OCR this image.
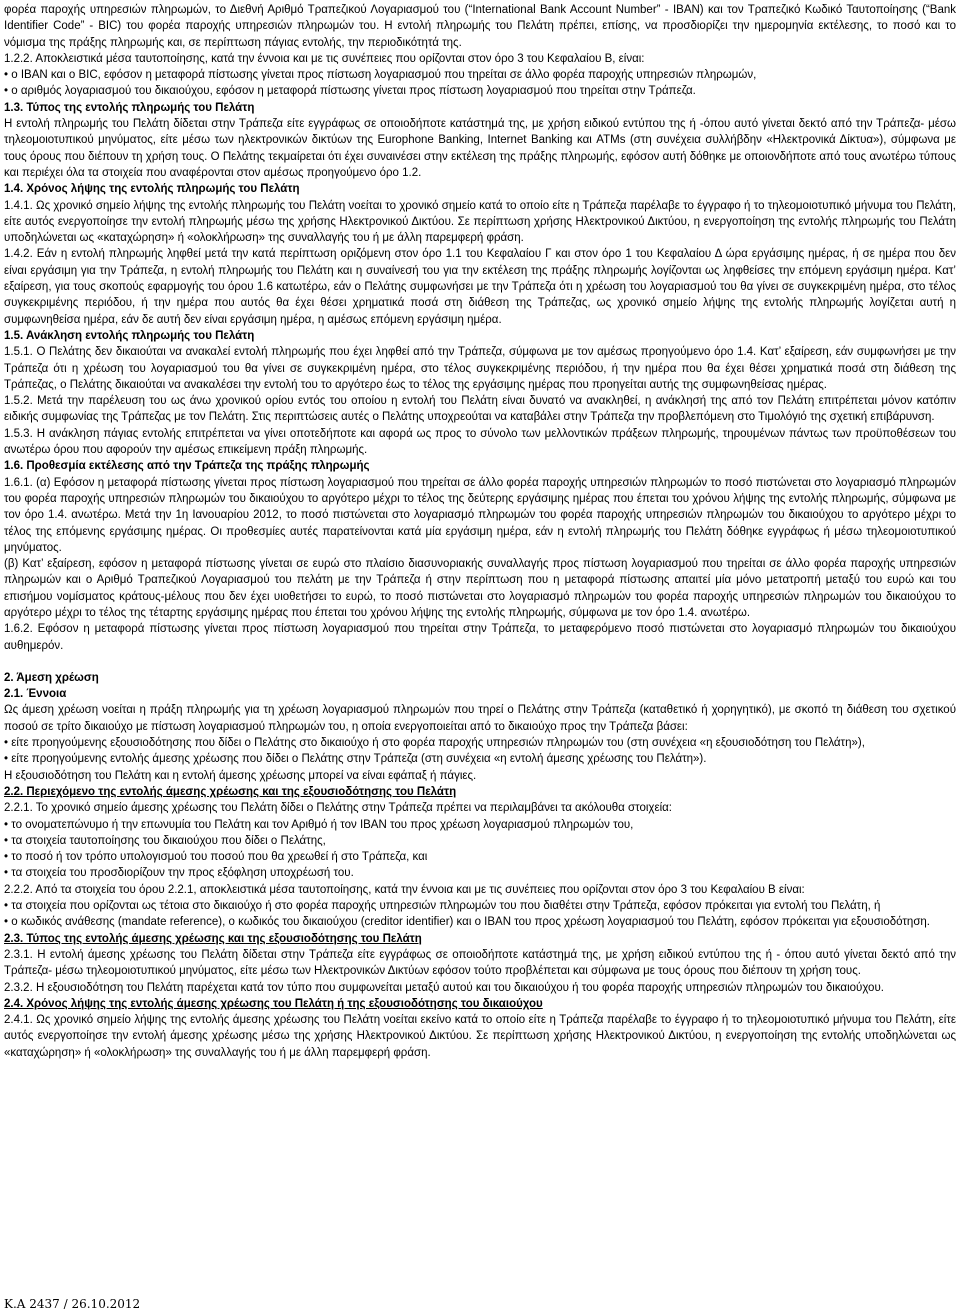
φορέα παροχής υπηρεσιών πληρωμών, το Διεθνή Αριθμό Τραπεζικού Λογαριασμού του (“International Bank Account Number” - IBAN) και τον Τραπεζικό Κωδικό Ταυτοποίησης (“Bank Identifier Code” - BIC) του φορέα παροχής υπηρεσιών πληρωμών του. Η εντολή πληρωμής του Πελάτη πρέπει, επίσης, να προσδιορίζει την ημερομηνία εκτέλεσης, το ποσό και το νόμισμα της πράξης πληρωμής και, σε περίπτωση πάγιας εντολής, την περιοδικότητά της.

1.2.2. Αποκλειστικά μέσα ταυτοποίησης, κατά την έννοια και με τις συνέπειες που ορίζονται στον όρο 3 του Κεφαλαίου Β, είναι:

• ο IBAN και ο BIC, εφόσον η μεταφορά πίστωσης γίνεται προς πίστωση λογαριασμού που τηρείται σε άλλο φορέα παροχής υπηρεσιών πληρωμών,

• ο αριθμός λογαριασμού του δικαιούχου, εφόσον η μεταφορά πίστωσης γίνεται προς πίστωση λογαριασμού που τηρείται στην Τράπεζα.

1.3. Τύπος της εντολής πληρωμής του Πελάτη

Η εντολή πληρωμής του Πελάτη δίδεται στην Τράπεζα είτε εγγράφως σε οποιοδήποτε κατάστημά της, με χρήση ειδικού εντύπου της ή -όπου αυτό γίνεται δεκτό από την Τράπεζα- μέσω τηλεομοιοτυπικού μηνύματος, είτε μέσω των ηλεκτρονικών δικτύων της Europhone Banking, Internet Banking και ATMs (στη συνέχεια συλλήβδην «Ηλεκτρονικά Δίκτυα»), σύμφωνα με τους όρους που διέπουν τη χρήση τους. Ο Πελάτης τεκμαίρεται ότι έχει συναινέσει στην εκτέλεση της πράξης πληρωμής, εφόσον αυτή δόθηκε με οποιονδήποτε από τους ανωτέρω τύπους και περιέχει όλα τα στοιχεία που αναφέρονται στον αμέσως προηγούμενο όρο 1.2.

1.4. Χρόνος λήψης της εντολής πληρωμής του Πελάτη

1.4.1. Ως χρονικό σημείο λήψης της εντολής πληρωμής του Πελάτη νοείται το χρονικό σημείο κατά το οποίο είτε η Τράπεζα παρέλαβε το έγγραφο ή το τηλεομοιοτυπικό μήνυμα του Πελάτη, είτε αυτός ενεργοποίησε την εντολή πληρωμής μέσω της χρήσης Ηλεκτρονικού Δικτύου. Σε περίπτωση χρήσης Ηλεκτρονικού Δικτύου, η ενεργοποίηση της εντολής πληρωμής του Πελάτη υποδηλώνεται ως «καταχώρηση» ή «ολοκλήρωση» της συναλλαγής του ή με άλλη παρεμφερή φράση.

1.4.2. Εάν η εντολή πληρωμής ληφθεί μετά την κατά περίπτωση οριζόμενη στον όρο 1.1 του Κεφαλαίου Γ και στον όρο 1 του Κεφαλαίου Δ ώρα εργάσιμης ημέρας, ή σε ημέρα που δεν είναι εργάσιμη για την Τράπεζα, η εντολή πληρωμής του Πελάτη και η συναίνεσή του για την εκτέλεση της πράξης πληρωμής λογίζονται ως ληφθείσες την επόμενη εργάσιμη ημέρα. Κατ’ εξαίρεση, για τους σκοπούς εφαρμογής του όρου 1.6 κατωτέρω, εάν ο Πελάτης συμφωνήσει με την Τράπεζα ότι η χρέωση του λογαριασμού του θα γίνει σε συγκεκριμένη ημέρα, στο τέλος συγκεκριμένης περιόδου, ή την ημέρα που αυτός θα έχει θέσει χρηματικά ποσά στη διάθεση της Τράπεζας, ως χρονικό σημείο λήψης της εντολής πληρωμής λογίζεται αυτή η συμφωνηθείσα ημέρα, εάν δε αυτή δεν είναι εργάσιμη ημέρα, η αμέσως επόμενη εργάσιμη ημέρα.

1.5. Ανάκληση εντολής πληρωμής του Πελάτη

1.5.1. Ο Πελάτης δεν δικαιούται να ανακαλεί εντολή πληρωμής που έχει ληφθεί από την Τράπεζα, σύμφωνα με τον αμέσως προηγούμενο όρο 1.4. Κατ’ εξαίρεση, εάν συμφωνήσει με την Τράπεζα ότι η χρέωση του λογαριασμού του θα γίνει σε συγκεκριμένη ημέρα, στο τέλος συγκεκριμένης περιόδου, ή την ημέρα που θα έχει θέσει χρηματικά ποσά στη διάθεση της Τράπεζας, ο Πελάτης δικαιούται να ανακαλέσει την εντολή του το αργότερο έως το τέλος της εργάσιμης ημέρας που προηγείται αυτής της συμφωνηθείσας ημέρας.

1.5.2. Μετά την παρέλευση του ως άνω χρονικού ορίου εντός του οποίου η εντολή του Πελάτη είναι δυνατό να ανακληθεί, η ανάκλησή της από τον Πελάτη επιτρέπεται μόνον κατόπιν ειδικής συμφωνίας της Τράπεζας με τον Πελάτη. Στις περιπτώσεις αυτές ο Πελάτης υποχρεούται να καταβάλει στην Τράπεζα την προβλεπόμενη στο Τιμολόγιό της σχετική επιβάρυνση.

1.5.3. Η ανάκληση πάγιας εντολής επιτρέπεται να γίνει οποτεδήποτε και αφορά ως προς το σύνολο των μελλοντικών πράξεων πληρωμής, τηρουμένων πάντως των προϋποθέσεων του ανωτέρω όρου που αφορούν την αμέσως επικείμενη πράξη πληρωμής.

1.6. Προθεσμία εκτέλεσης από την Τράπεζα της πράξης πληρωμής

1.6.1. (α) Εφόσον η μεταφορά πίστωσης γίνεται προς πίστωση λογαριασμού που τηρείται σε άλλο φορέα παροχής υπηρεσιών πληρωμών το ποσό πιστώνεται στο λογαριασμό πληρωμών του φορέα παροχής υπηρεσιών πληρωμών του δικαιούχου το αργότερο μέχρι το τέλος της δεύτερης εργάσιμης ημέρας που έπεται του χρόνου λήψης της εντολής πληρωμής, σύμφωνα με τον όρο 1.4. ανωτέρω. Μετά την 1η Ιανουαρίου 2012, το ποσό πιστώνεται στο λογαριασμό πληρωμών του φορέα παροχής υπηρεσιών πληρωμών του δικαιούχου το αργότερο μέχρι το τέλος της επόμενης εργάσιμης ημέρας. Οι προθεσμίες αυτές παρατείνονται κατά μία εργάσιμη ημέρα, εάν η εντολή πληρωμής του Πελάτη δόθηκε εγγράφως ή μέσω τηλεομοιοτυπικού μηνύματος.

(β) Κατ’ εξαίρεση, εφόσον η μεταφορά πίστωσης γίνεται σε ευρώ στο πλαίσιο διασυνοριακής συναλλαγής προς πίστωση λογαριασμού που τηρείται σε άλλο φορέα παροχής υπηρεσιών πληρωμών και ο Αριθμό Τραπεζικού Λογαριασμού του πελάτη με την Τράπεζα ή στην περίπτωση που η μεταφορά πίστωσης απαιτεί μία μόνο μετατροπή μεταξύ του ευρώ και του επισήμου νομίσματος κράτους-μέλους που δεν έχει υιοθετήσει το ευρώ, το ποσό πιστώνεται στο λογαριασμό πληρωμών του φορέα παροχής υπηρεσιών πληρωμών του δικαιούχου το αργότερο μέχρι το τέλος της τέταρτης εργάσιμης ημέρας που έπεται του χρόνου λήψης της εντολής πληρωμής, σύμφωνα με τον όρο 1.4. ανωτέρω.

1.6.2. Εφόσον η μεταφορά πίστωσης γίνεται προς πίστωση λογαριασμού που τηρείται στην Τράπεζα, το μεταφερόμενο ποσό πιστώνεται στο λογαριασμό πληρωμών του δικαιούχου αυθημερόν.

2. Άμεση χρέωση

2.1. Έννοια

Ως άμεση χρέωση νοείται η πράξη πληρωμής για τη χρέωση λογαριασμού πληρωμών που τηρεί ο Πελάτης στην Τράπεζα (καταθετικό ή χορηγητικό), με σκοπό τη διάθεση του σχετικού ποσού σε τρίτο δικαιούχο με πίστωση λογαριασμού πληρωμών του, η οποία ενεργοποιείται από το δικαιούχο προς την Τράπεζα βάσει:

• είτε προηγούμενης εξουσιοδότησης που δίδει ο Πελάτης στο δικαιούχο ή στο φορέα παροχής υπηρεσιών πληρωμών του (στη συνέχεια «η εξουσιοδότηση του Πελάτη»),

• είτε προηγούμενης εντολής άμεσης χρέωσης που δίδει ο Πελάτης στην Τράπεζα (στη συνέχεια «η εντολή άμεσης χρέωσης του Πελάτη»).

Η εξουσιοδότηση του Πελάτη και η εντολή άμεσης χρέωσης μπορεί να είναι εφάπαξ ή πάγιες.

2.2. Περιεχόμενο της εντολής άμεσης χρέωσης και της εξουσιοδότησης του Πελάτη

2.2.1. Το χρονικό σημείο άμεσης χρέωσης του Πελάτη δίδει ο Πελάτης στην Τράπεζα πρέπει να περιλαμβάνει τα ακόλουθα στοιχεία:

• το ονοματεπώνυμο ή την επωνυμία του Πελάτη και τον Αριθμό ή τον IBAN του προς χρέωση λογαριασμού πληρωμών του,

• τα στοιχεία ταυτοποίησης του δικαιούχου που δίδει ο Πελάτης,

• το ποσό ή τον τρόπο υπολογισμού του ποσού που θα χρεωθεί ή στο Τράπεζα, και

• τα στοιχεία του προσδιορίζουν την προς εξόφληση υποχρέωσή του.

2.2.2. Από τα στοιχεία του όρου 2.2.1, αποκλειστικά μέσα ταυτοποίησης, κατά την έννοια και με τις συνέπειες που ορίζονται στον όρο 3 του Κεφαλαίου Β είναι:

• τα στοιχεία που ορίζονται ως τέτοια στο δικαιούχο ή στο φορέα παροχής υπηρεσιών πληρωμών του που διαθέτει στην Τράπεζα, εφόσον πρόκειται για εντολή του Πελάτη, ή

• ο κωδικός ανάθεσης (mandate reference), ο κωδικός του δικαιούχου (creditor identifier) και ο IBAN του προς χρέωση λογαριασμού του Πελάτη, εφόσον πρόκειται για εξουσιοδότηση.

2.3. Τύπος της εντολής άμεσης χρέωσης και της εξουσιοδότησης του Πελάτη

2.3.1. Η εντολή άμεσης χρέωσης του Πελάτη δίδεται στην Τράπεζα είτε εγγράφως σε οποιοδήποτε κατάστημά της, με χρήση ειδικού εντύπου της ή - όπου αυτό γίνεται δεκτό από την Τράπεζα- μέσω τηλεομοιοτυπικού μηνύματος, είτε μέσω των Ηλεκτρονικών Δικτύων εφόσον τούτο προβλέπεται και σύμφωνα με τους όρους που διέπουν τη χρήση τους.

2.3.2. Η εξουσιοδότηση του Πελάτη παρέχεται κατά τον τύπο που συμφωνείται μεταξύ αυτού και του δικαιούχου ή του φορέα παροχής υπηρεσιών πληρωμών του δικαιούχου.

2.4. Χρόνος λήψης της εντολής άμεσης χρέωσης του Πελάτη ή της εξουσιοδότησης του δικαιούχου

2.4.1. Ως χρονικό σημείο λήψης της εντολής άμεσης χρέωσης του Πελάτη νοείται εκείνο κατά το οποίο είτε η Τράπεζα παρέλαβε το έγγραφο ή το τηλεομοιοτυπικό μήνυμα του Πελάτη, είτε αυτός ενεργοποίησε την εντολή άμεσης χρέωσης μέσω της χρήσης Ηλεκτρονικού Δικτύου. Σε περίπτωση χρήσης Ηλεκτρονικού Δικτύου, η ενεργοποίηση της εντολής υποδηλώνεται ως «καταχώρηση» ή «ολοκλήρωση» της συναλλαγής του ή με άλλη παρεμφερή φράση.

Κ.Α 2437 / 26.10.2012
